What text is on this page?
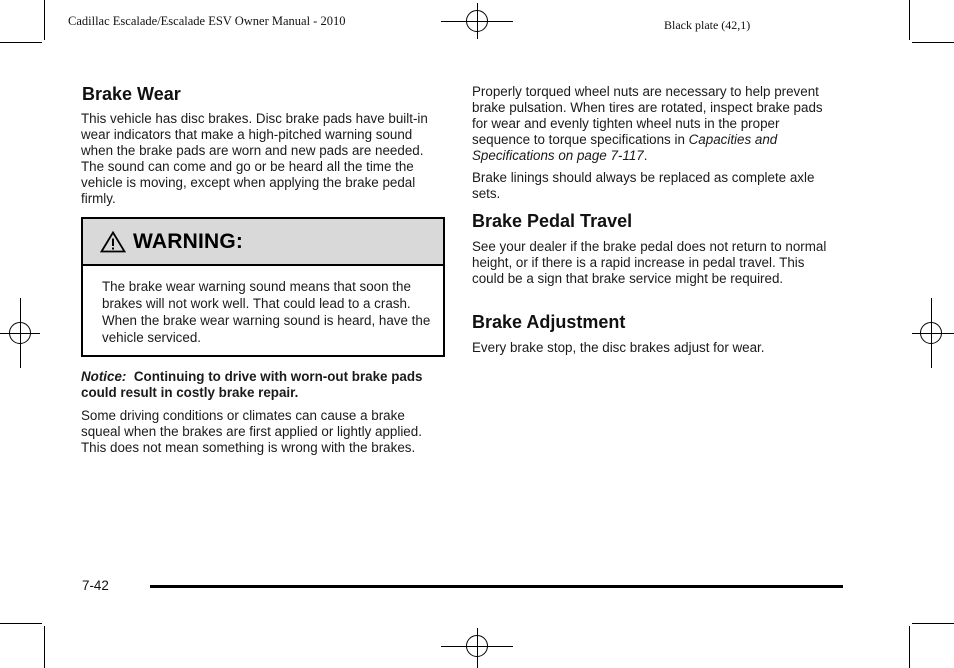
Cadillac Escalade/Escalade ESV Owner Manual - 2010	Black plate (42,1)
Brake Wear

This vehicle has disc brakes. Disc brake pads have built-in wear indicators that make a high-pitched warning sound when the brake pads are worn and new pads are needed. The sound can come and go or be heard all the time the vehicle is moving, except when applying the brake pedal firmly.

WARNING:

The brake wear warning sound means that soon the brakes will not work well. That could lead to a crash. When the brake wear warning sound is heard, have the vehicle serviced.

Notice: Continuing to drive with worn-out brake pads could result in costly brake repair.

Some driving conditions or climates can cause a brake squeal when the brakes are first applied or lightly applied. This does not mean something is wrong with the brakes.

Properly torqued wheel nuts are necessary to help prevent brake pulsation. When tires are rotated, inspect brake pads for wear and evenly tighten wheel nuts in the proper sequence to torque specifications in Capacities and Specifications on page 7‑117.

Brake linings should always be replaced as complete axle sets.

Brake Pedal Travel

See your dealer if the brake pedal does not return to normal height, or if there is a rapid increase in pedal travel. This could be a sign that brake service might be required.

Brake Adjustment

Every brake stop, the disc brakes adjust for wear.

7-42
